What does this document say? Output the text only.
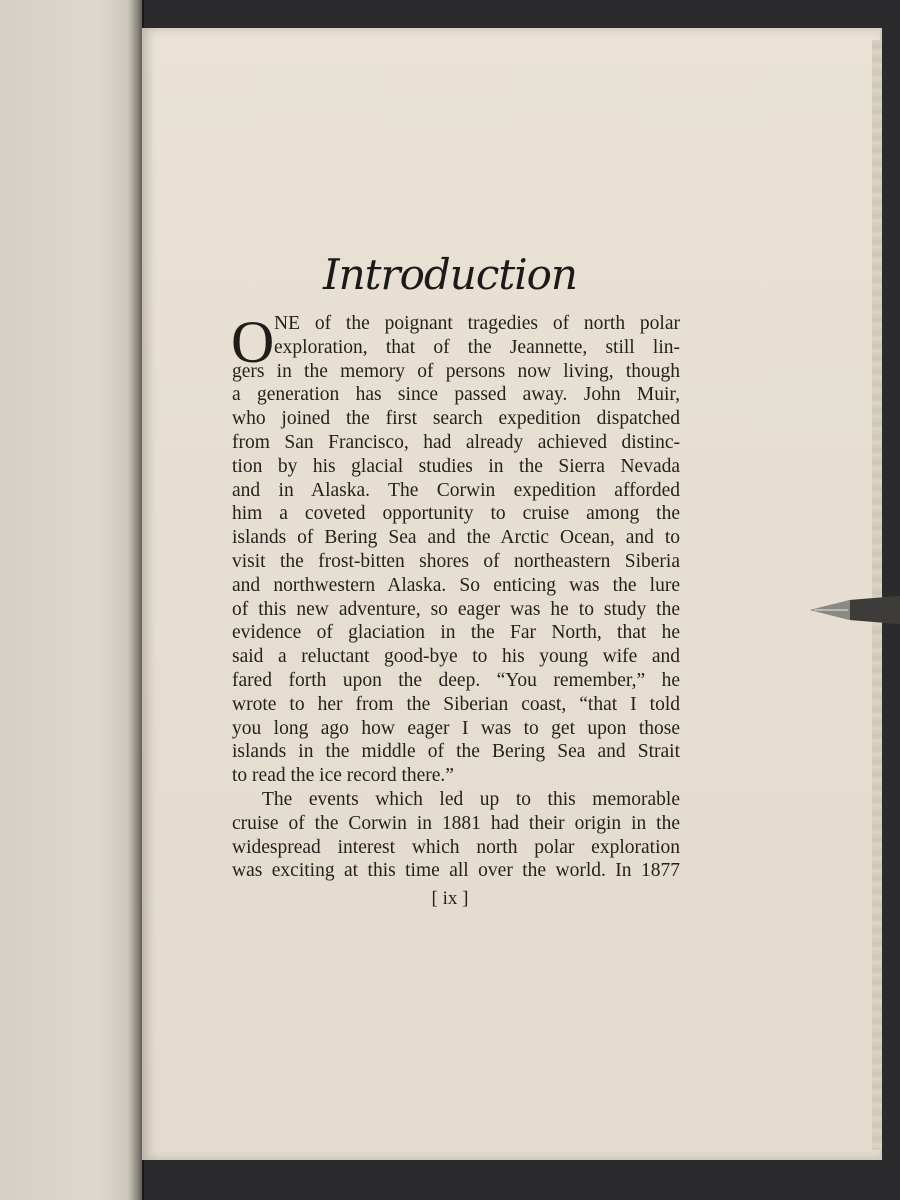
Introduction
O NE of the poignant tragedies of north polar
exploration, that of the Jeannette, still lin-
gers in the memory of persons now living, though
a generation has since passed away. John Muir,
who joined the first search expedition dispatched
from San Francisco, had already achieved distinc-
tion by his glacial studies in the Sierra Nevada
and in Alaska. The Corwin expedition afforded
him a coveted opportunity to cruise among the
islands of Bering Sea and the Arctic Ocean, and to
visit the frost-bitten shores of northeastern Siberia
and northwestern Alaska. So enticing was the lure
of this new adventure, so eager was he to study the
evidence of glaciation in the Far North, that he
said a reluctant good-bye to his young wife and
fared forth upon the deep. “You remember,” he
wrote to her from the Siberian coast, “that I told
you long ago how eager I was to get upon those
islands in the middle of the Bering Sea and Strait
to read the ice record there.”
The events which led up to this memorable
cruise of the Corwin in 1881 had their origin in the
widespread interest which north polar exploration
was exciting at this time all over the world. In 1877
[ ix ]
